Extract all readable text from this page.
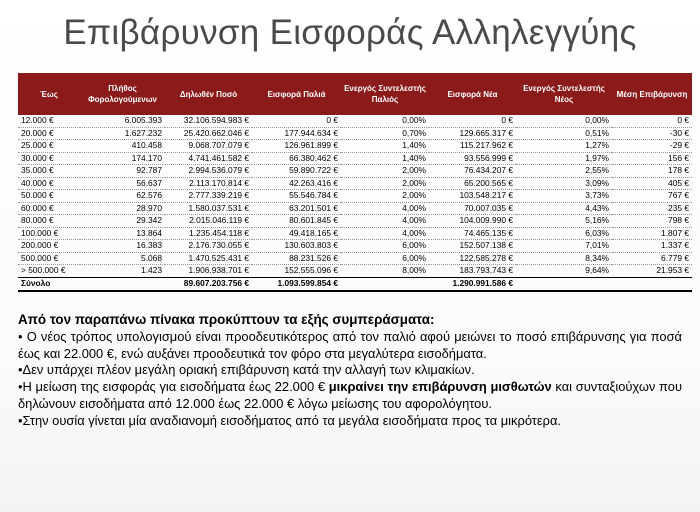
Επιβάρυνση Εισφοράς Αλληλεγγύης
Έως	Πλήθος Φορολογούμενων	Δηλωθέν Ποσό	Εισφορά Παλιά	Ενεργός Συντελεστής Παλιός	Εισφορά Νέα	Ενεργός Συντελεστής Νέος	Μέση Επιβάρυνση
12.000 €	6.005.393	32.106.594.983 €	0 €	0,00%	0 €	0,00%	0 €
20.000 €	1.627.232	25.420.662.046 €	177.944.634 €	0,70%	129.665.317 €	0,51%	-30 €
25.000 €	410.458	9.068.707.079 €	126.961.899 €	1,40%	115.217.962 €	1,27%	-29 €
30.000 €	174.170	4.741.461.582 €	66.380.462 €	1,40%	93.556.999 €	1,97%	156 €
35.000 €	92.787	2.994.536.079 €	59.890.722 €	2,00%	76.434.207 €	2,55%	178 €
40.000 €	56.637	2.113.170.814 €	42.263.416 €	2,00%	65.200.565 €	3,09%	405 €
50.000 €	62.576	2.777.339.219 €	55.546.784 €	2,00%	103.548.217 €	3,73%	767 €
60.000 €	28.970	1.580.037.531 €	63.201.501 €	4,00%	70.007.035 €	4,43%	235 €
80.000 €	29.342	2.015.046.119 €	80.601.845 €	4,00%	104.009.990 €	5,16%	798 €
100.000 €	13.864	1.235.454.118 €	49.418.165 €	4,00%	74.465.135 €	6,03%	1.807 €
200.000 €	16.383	2.176.730.055 €	130.603.803 €	6,00%	152.507.138 €	7,01%	1.337 €
500.000 €	5.068	1.470.525.431 €	88.231.526 €	6,00%	122.585.278 €	8,34%	6.779 €
> 500.000 €	1.423	1.906.938.701 €	152.555.096 €	8,00%	183.793.743 €	9,64%	21.953 €
Σύνολο		89.607.203.756 €	1.093.599.854 €		1.290.991.586 €		

Από τον παραπάνω πίνακα προκύπτουν τα εξής συμπεράσματα:

• Ο νέος τρόπος υπολογισμού είναι προοδευτικότερος από τον παλιό αφού μειώνει το ποσό επιβάρυνσης για ποσά έως και 22.000 €, ενώ αυξάνει προοδευτικά τον φόρο στα μεγαλύτερα εισοδήματα.

•Δεν υπάρχει πλέον μεγάλη οριακή επιβάρυνση κατά την αλλαγή των κλιμακίων.

•Η μείωση της εισφοράς για εισοδήματα έως 22.000 € μικραίνει την επιβάρυνση μισθωτών και συνταξιούχων που δηλώνουν εισοδήματα από 12.000 έως 22.000 € λόγω μείωσης του αφορολόγητου.

•Στην ουσία γίνεται μία αναδιανομή εισοδήματος από τα μεγάλα εισοδήματα προς τα μικρότερα.
